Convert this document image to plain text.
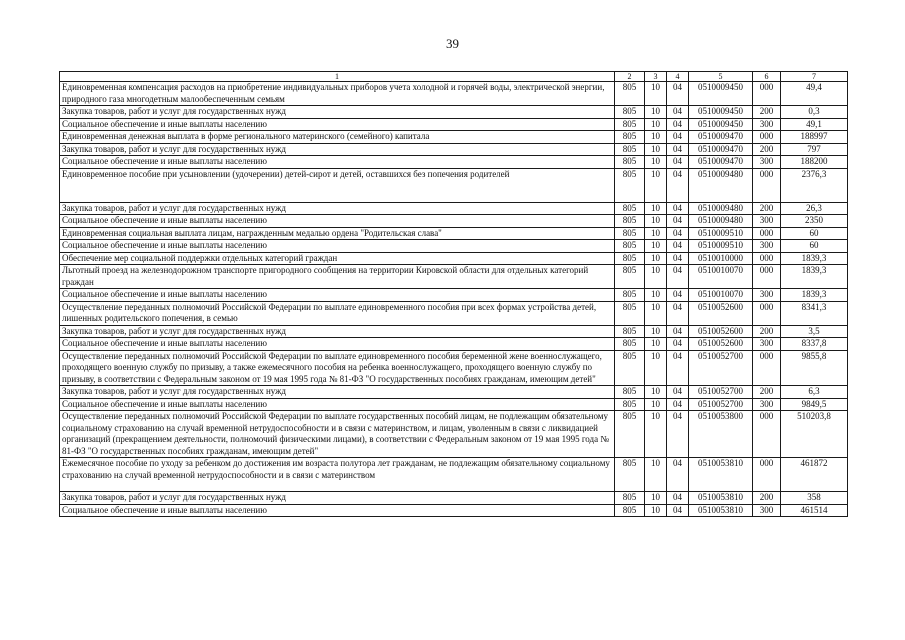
39
1	2	3	4	5	6	7
Единовременная компенсация расходов на приобретение индивидуальных приборов учета холодной и горячей воды, электрической энергии, природного газа многодетным малообеспеченным семьям	805	10	04	0510009450	000	49,4
Закупка товаров, работ и услуг для государственных нужд	805	10	04	0510009450	200	0,3
Социальное обеспечение и иные выплаты населению	805	10	04	0510009450	300	49,1
Единовременная денежная выплата в форме регионального материнского (семейного) капитала	805	10	04	0510009470	000	188997
Закупка товаров, работ и услуг для государственных нужд	805	10	04	0510009470	200	797
Социальное обеспечение и иные выплаты населению	805	10	04	0510009470	300	188200
Единовременное пособие при усыновлении (удочерении) детей-сирот и детей, оставшихся без попечения родителей	805	10	04	0510009480	000	2376,3
Закупка товаров, работ и услуг для государственных нужд	805	10	04	0510009480	200	26,3
Социальное обеспечение и иные выплаты населению	805	10	04	0510009480	300	2350
Единовременная социальная выплата лицам, награжденным медалью ордена "Родительская слава"	805	10	04	0510009510	000	60
Социальное обеспечение и иные выплаты населению	805	10	04	0510009510	300	60
Обеспечение мер социальной поддержки отдельных категорий граждан	805	10	04	0510010000	000	1839,3
Льготный проезд на железнодорожном транспорте пригородного сообщения на территории Кировской области для отдельных категорий граждан	805	10	04	0510010070	000	1839,3
Социальное обеспечение и иные выплаты населению	805	10	04	0510010070	300	1839,3
Осуществление переданных полномочий Российской Федерации по выплате единовременного пособия при всех формах устройства детей, лишенных родительского попечения, в семью	805	10	04	0510052600	000	8341,3
Закупка товаров, работ и услуг для государственных нужд	805	10	04	0510052600	200	3,5
Социальное обеспечение и иные выплаты населению	805	10	04	0510052600	300	8337,8
Осуществление переданных полномочий Российской Федерации по выплате единовременного пособия беременной жене военнослужащего, проходящего военную службу по призыву, а также ежемесячного пособия на ребенка военнослужащего, проходящего военную службу по призыву, в соответствии с Федеральным законом от 19 мая 1995 года № 81-ФЗ "О государственных пособиях гражданам, имеющим детей"	805	10	04	0510052700	000	9855,8
Закупка товаров, работ и услуг для государственных нужд	805	10	04	0510052700	200	6,3
Социальное обеспечение и иные выплаты населению	805	10	04	0510052700	300	9849,5
Осуществление переданных полномочий Российской Федерации по выплате государственных пособий лицам, не подлежащим обязательному социальному страхованию на случай временной нетрудоспособности и в связи с материнством, и лицам, уволенным в связи с ликвидацией организаций (прекращением деятельности, полномочий физическими лицами), в соответствии с Федеральным законом от 19 мая 1995 года № 81-ФЗ "О государственных пособиях гражданам, имеющим детей"	805	10	04	0510053800	000	510203,8
Ежемесячное пособие по уходу за ребенком до достижения им возраста полутора лет гражданам, не подлежащим обязательному социальному страхованию на случай временной нетрудоспособности и в связи с материнством	805	10	04	0510053810	000	461872
Закупка товаров, работ и услуг для государственных нужд	805	10	04	0510053810	200	358
Социальное обеспечение и иные выплаты населению	805	10	04	0510053810	300	461514
